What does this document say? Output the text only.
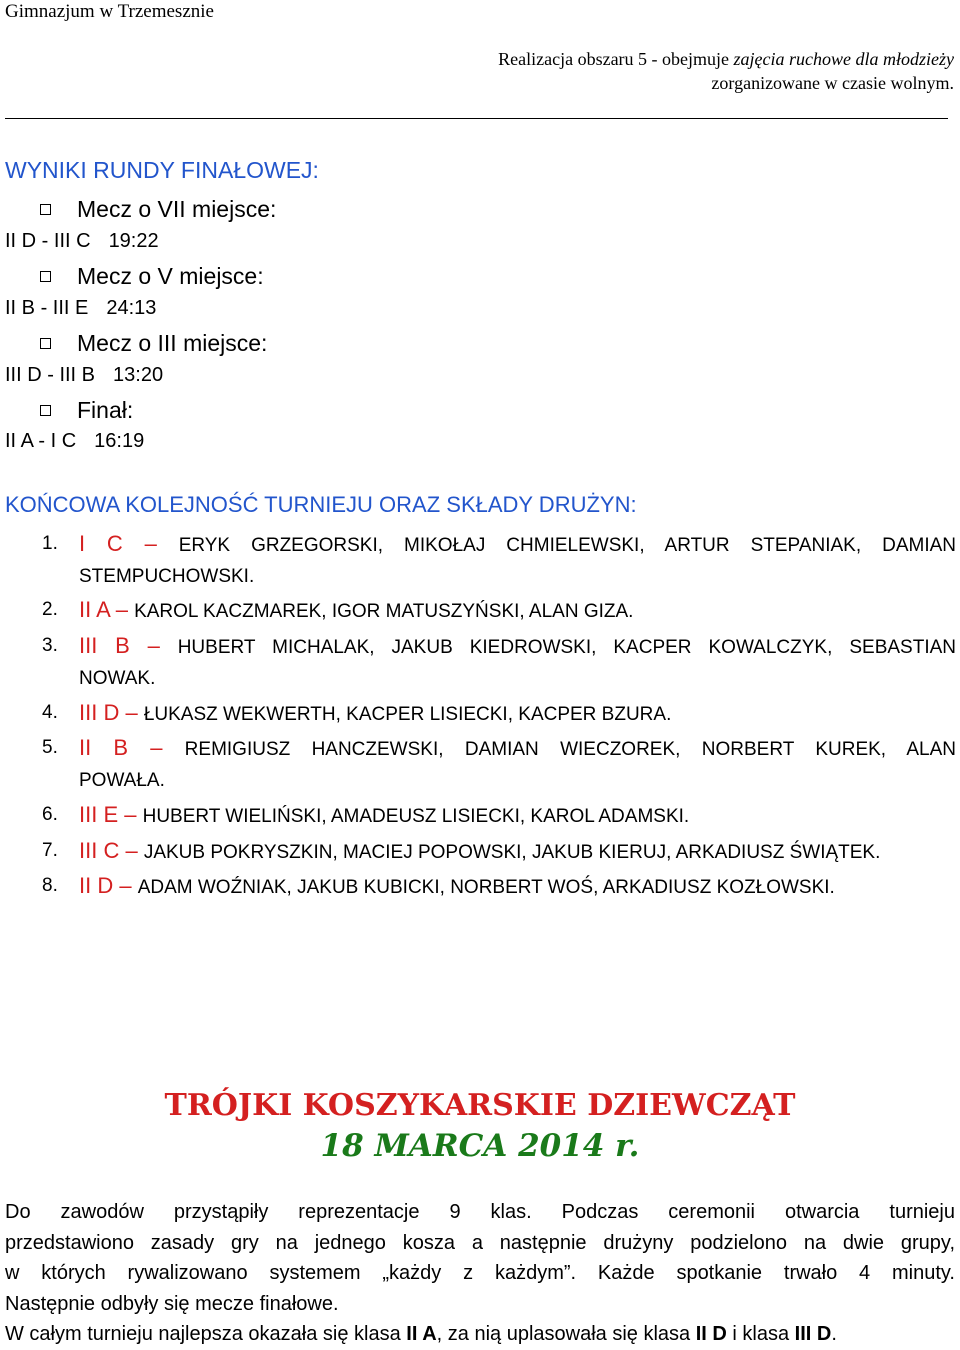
Gimnazjum w Trzemesznie
Realizacja obszaru 5 - obejmuje zajęcia ruchowe dla młodzieży
zorganizowane w czasie wolnym.
WYNIKI RUNDY FINAŁOWEJ:
Mecz o VII miejsce:
II D - III C 19:22
Mecz o V miejsce:
II B - III E 24:13
Mecz o III miejsce:
III D - III B 13:20
Finał:
II A - I C 16:19
KOŃCOWA KOLEJNOŚĆ TURNIEJU ORAZ SKŁADY DRUŻYN:
1. I C – ERYK GRZEGORSKI, MIKOŁAJ CHMIELEWSKI, ARTUR STEPANIAK, DAMIAN
STEMPUCHOWSKI.
2. II A – KAROL KACZMAREK, IGOR MATUSZYŃSKI, ALAN GIZA.
3. III B – HUBERT MICHALAK, JAKUB KIEDROWSKI, KACPER KOWALCZYK, SEBASTIAN
NOWAK.
4. III D – ŁUKASZ WEKWERTH, KACPER LISIECKI, KACPER BZURA.
5. II B – REMIGIUSZ HANCZEWSKI, DAMIAN WIECZOREK, NORBERT KUREK, ALAN
POWAŁA.
6. III E – HUBERT WIELIŃSKI, AMADEUSZ LISIECKI, KAROL ADAMSKI.
7. III C – JAKUB POKRYSZKIN, MACIEJ POPOWSKI, JAKUB KIERUJ, ARKADIUSZ ŚWIĄTEK.
8. II D – ADAM WOŹNIAK, JAKUB KUBICKI, NORBERT WOŚ, ARKADIUSZ KOZŁOWSKI.
TRÓJKI KOSZYKARSKIE DZIEWCZĄT
18 MARCA 2014 r.
Do zawodów przystąpiły reprezentacje 9 klas. Podczas ceremonii otwarcia turnieju
przedstawiono zasady gry na jednego kosza a następnie drużyny podzielono na dwie grupy,
w których rywalizowano systemem „każdy z każdym”. Każde spotkanie trwało 4 minuty.
Następnie odbyły się mecze finałowe.
W całym turnieju najlepsza okazała się klasa II A, za nią uplasowała się klasa II D i klasa III D.
